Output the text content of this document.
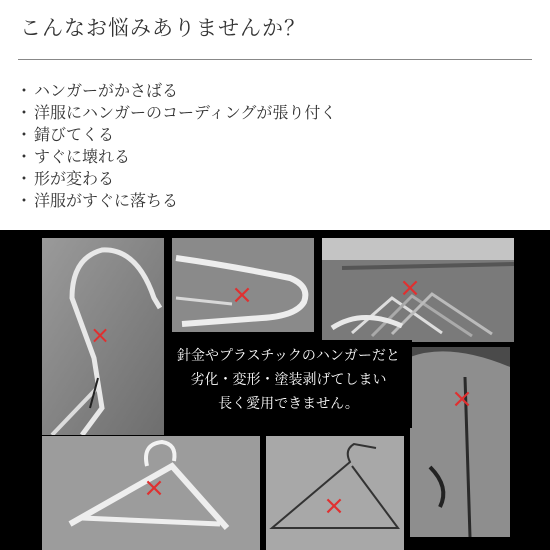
こんなお悩みありませんか？
・ ハンガーがかさばる
・ 洋服にハンガーのコーディングが張り付く
・ 錆びてくる
・ すぐに壊れる
・ 形が変わる
・ 洋服がすぐに落ちる
×
×	×
×
×
×
針金やプラスチックのハンガーだと
劣化・変形・塗装剥げてしまい
長く愛用できません。
